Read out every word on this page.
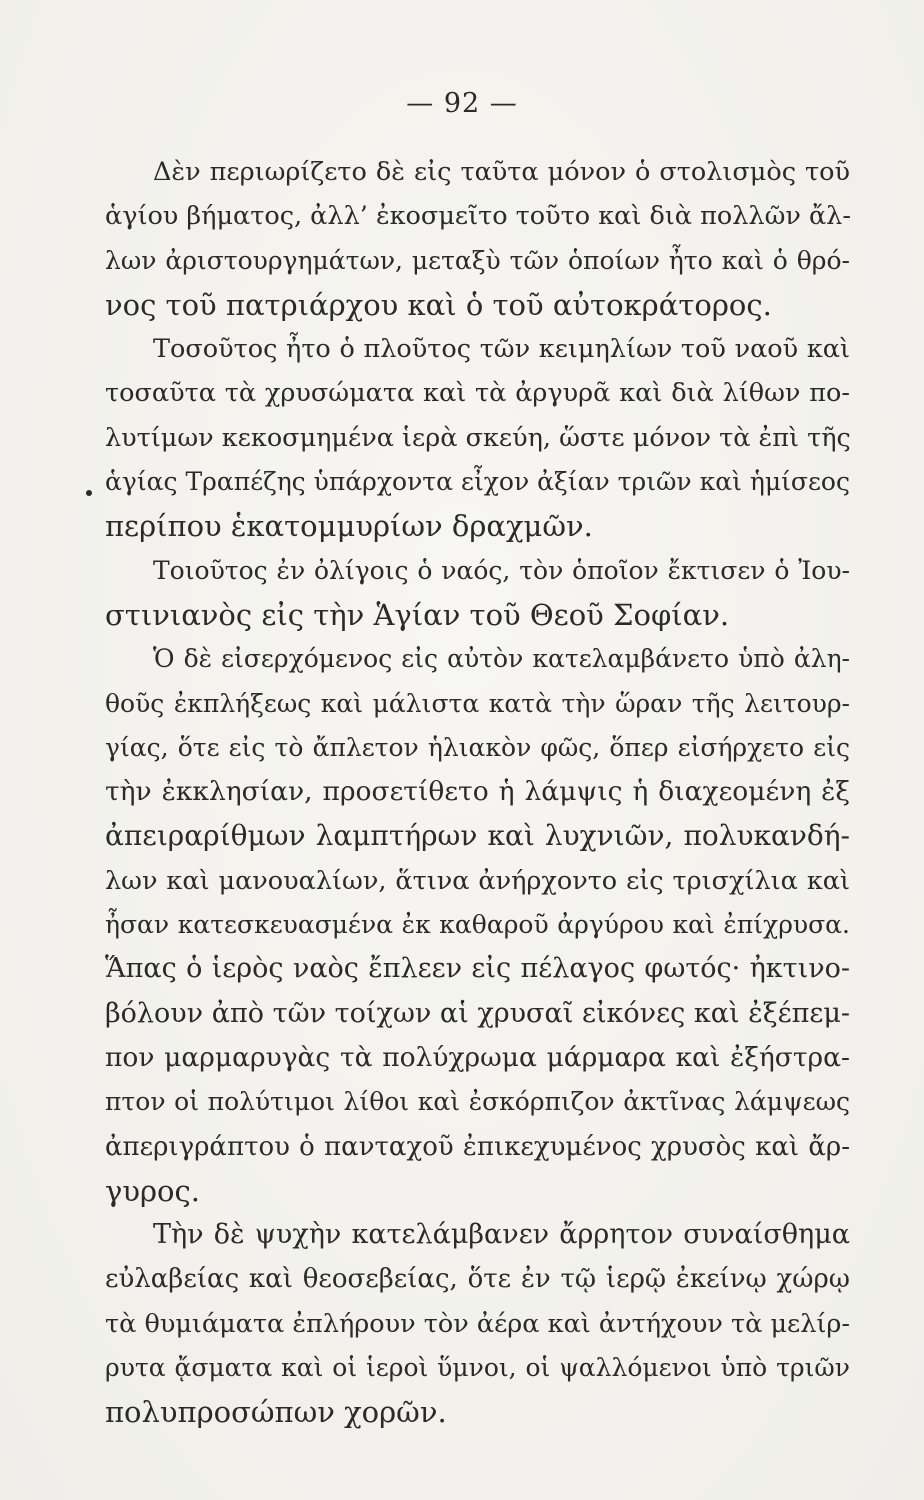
— 92 —
Δὲν περιωρίζετο δὲ εἰς ταῦτα μόνον ὁ στολισμὸς τοῦ
ἁγίου βήματος, ἀλλ’ ἐκοσμεῖτο τοῦτο καὶ διὰ πολλῶν ἄλ-
λων ἀριστουργημάτων, μεταξὺ τῶν ὁποίων ἦτο καὶ ὁ θρό-
νος τοῦ πατριάρχου καὶ ὁ τοῦ αὐτοκράτορος.
Τοσοῦτος ἦτο ὁ πλοῦτος τῶν κειμηλίων τοῦ ναοῦ καὶ
τοσαῦτα τὰ χρυσώματα καὶ τὰ ἀργυρᾶ καὶ διὰ λίθων πο-
λυτίμων κεκοσμημένα ἱερὰ σκεύη, ὥστε μόνον τὰ ἐπὶ τῆς
ἁγίας Τραπέζης ὑπάρχοντα εἶχον ἀξίαν τριῶν καὶ ἡμίσεος
περίπου ἑκατομμυρίων δραχμῶν.
Τοιοῦτος ἐν ὀλίγοις ὁ ναός, τὸν ὁποῖον ἔκτισεν ὁ Ἰου-
στινιανὸς εἰς τὴν Ἁγίαν τοῦ Θεοῦ Σοφίαν.
Ὁ δὲ εἰσερχόμενος εἰς αὐτὸν κατελαμβάνετο ὑπὸ ἀλη-
θοῦς ἐκπλήξεως καὶ μάλιστα κατὰ τὴν ὥραν τῆς λειτουρ-
γίας, ὅτε εἰς τὸ ἄπλετον ἡλιακὸν φῶς, ὅπερ εἰσήρχετο εἰς
τὴν ἐκκλησίαν, προσετίθετο ἡ λάμψις ἡ διαχεομένη ἐξ
ἀπειραρίθμων λαμπτήρων καὶ λυχνιῶν, πολυκανδή-
λων καὶ μανουαλίων, ἅτινα ἀνήρχοντο εἰς τρισχίλια καὶ
ἦσαν κατεσκευασμένα ἐκ καθαροῦ ἀργύρου καὶ ἐπίχρυσα.
Ἅπας ὁ ἱερὸς ναὸς ἔπλεεν εἰς πέλαγος φωτός· ἠκτινο-
βόλουν ἀπὸ τῶν τοίχων αἱ χρυσαῖ εἰκόνες καὶ ἐξέπεμ-
πον μαρμαρυγὰς τὰ πολύχρωμα μάρμαρα καὶ ἐξήστρα-
πτον οἱ πολύτιμοι λίθοι καὶ ἐσκόρπιζον ἀκτῖνας λάμψεως
ἀπεριγράπτου ὁ πανταχοῦ ἐπικεχυμένος χρυσὸς καὶ ἄρ-
γυρος.
Τὴν δὲ ψυχὴν κατελάμβανεν ἄρρητον συναίσθημα
εὐλαβείας καὶ θεοσεβείας, ὅτε ἐν τῷ ἱερῷ ἐκείνῳ χώρῳ
τὰ θυμιάματα ἐπλήρουν τὸν ἀέρα καὶ ἀντήχουν τὰ μελίρ-
ρυτα ᾄσματα καὶ οἱ ἱεροὶ ὕμνοι, οἱ ψαλλόμενοι ὑπὸ τριῶν
πολυπροσώπων χορῶν.
